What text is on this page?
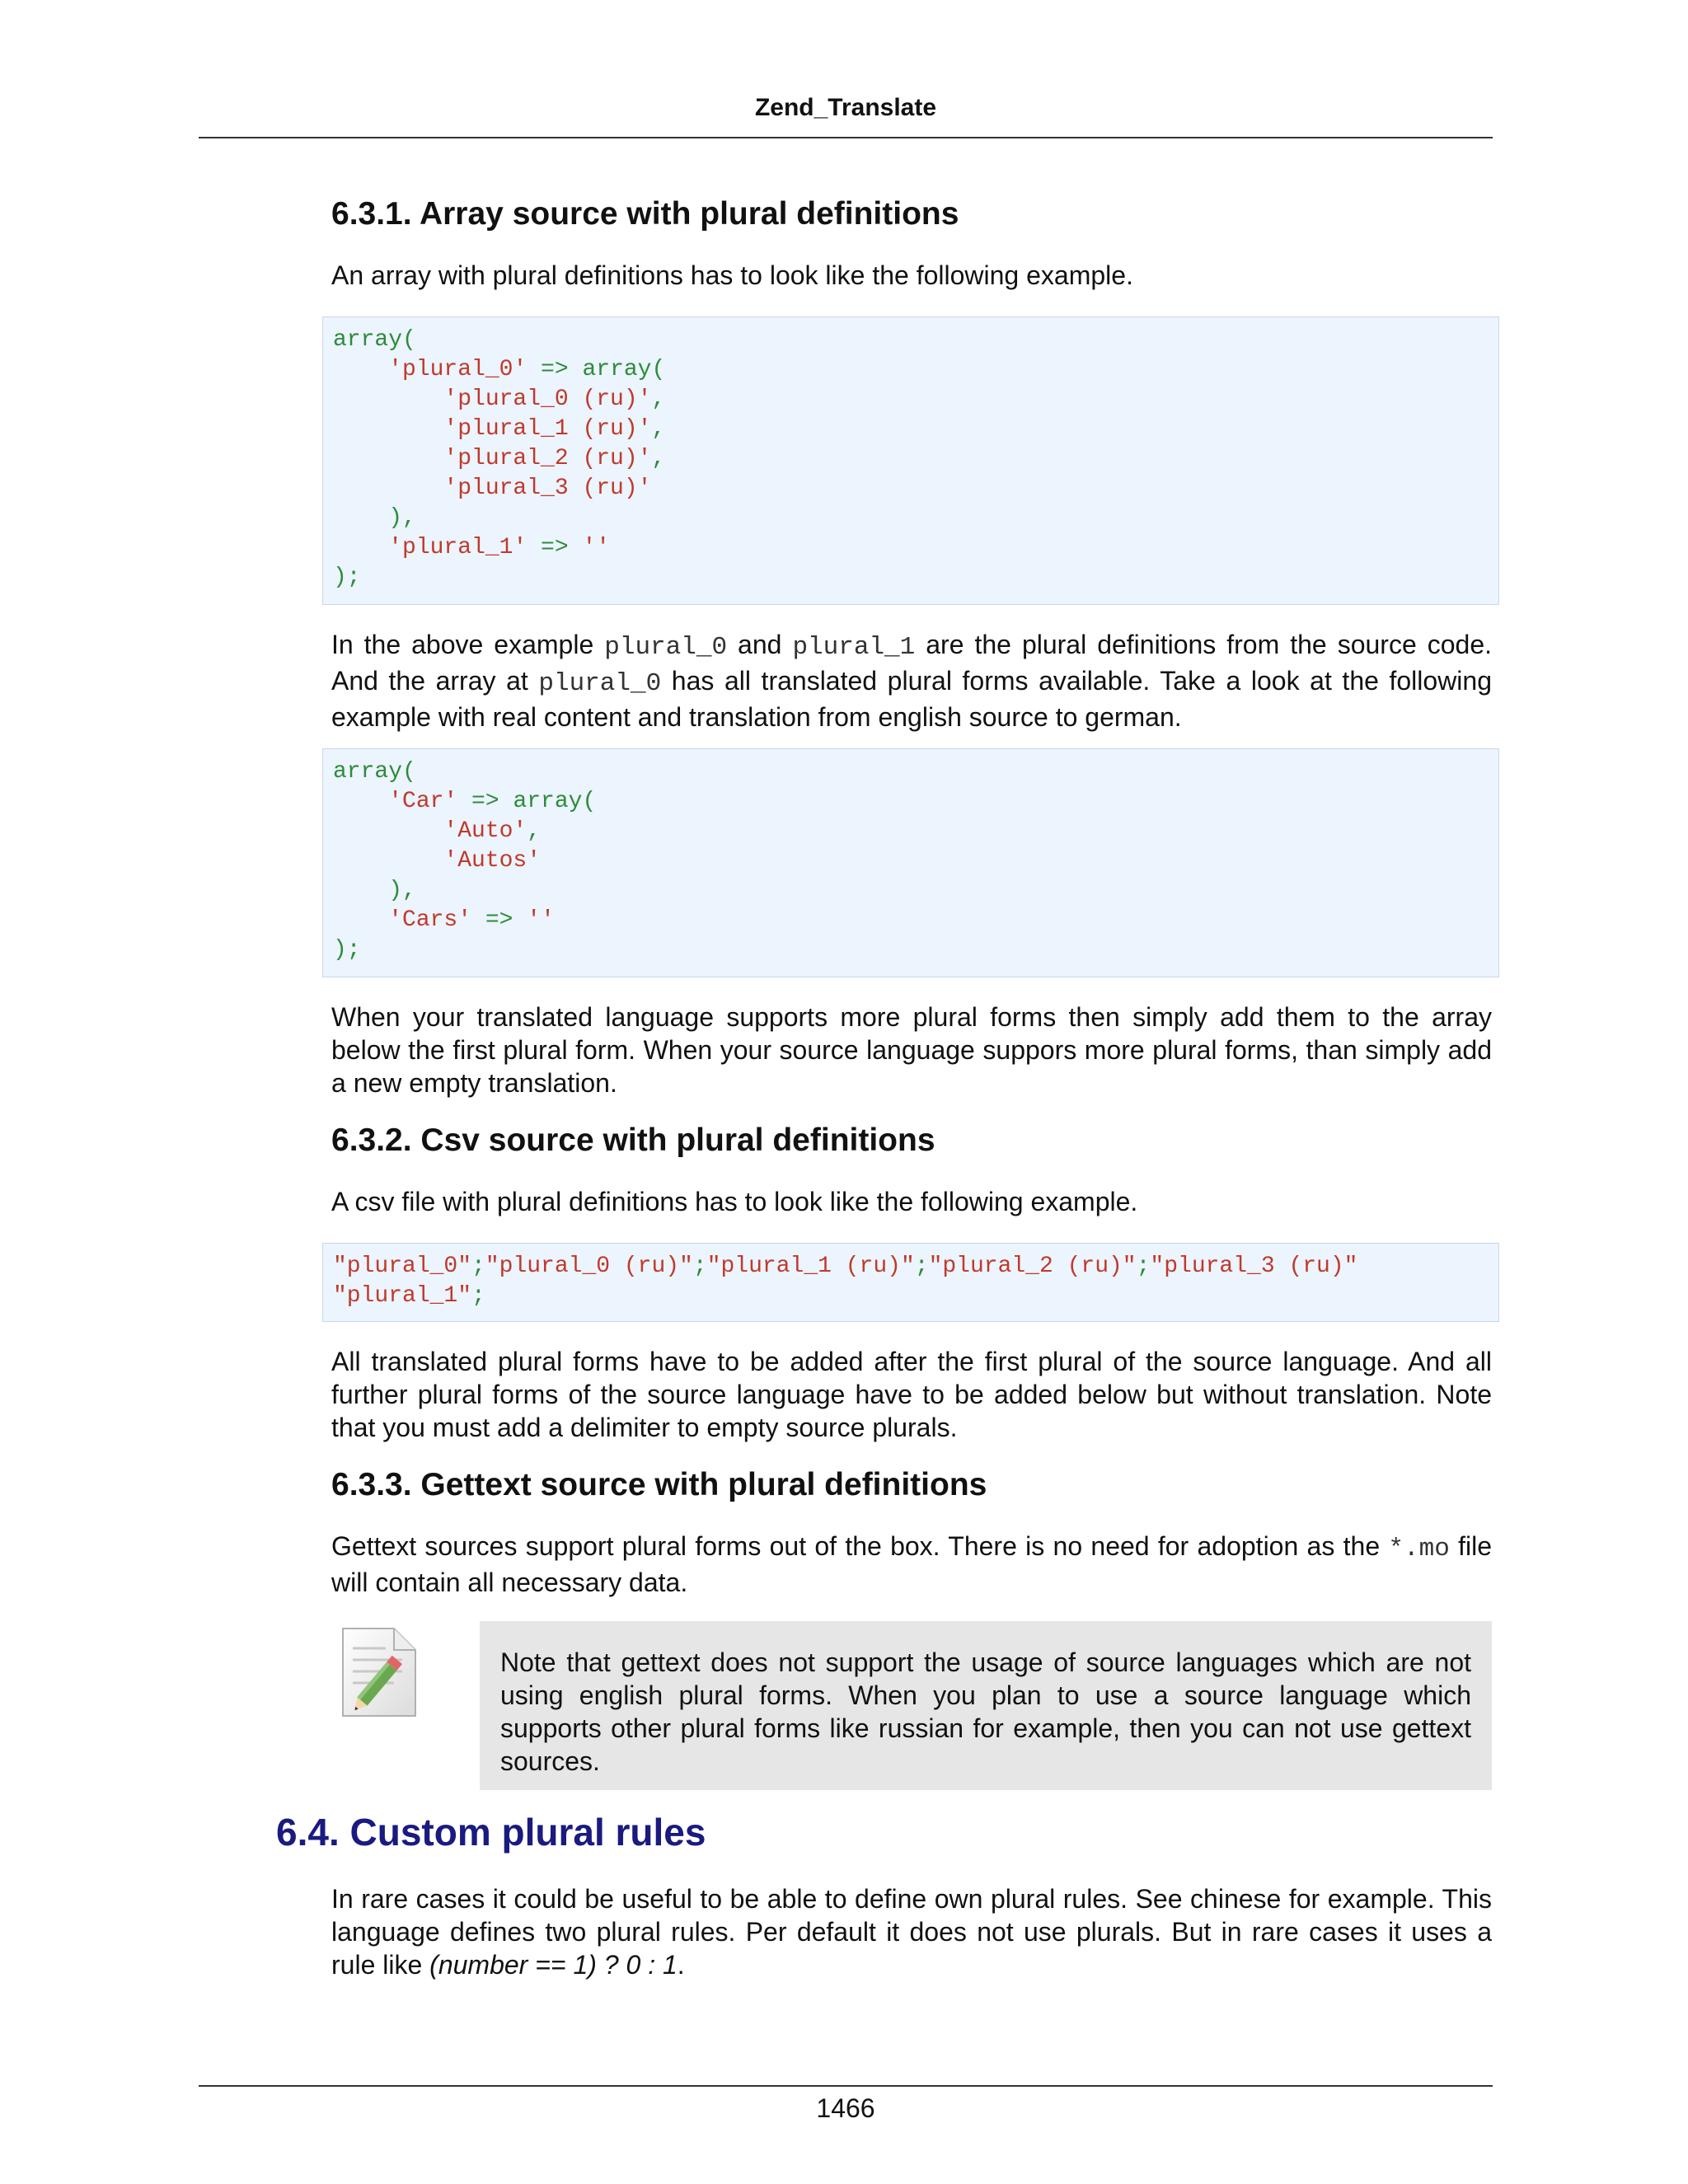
Zend_Translate
6.3.1. Array source with plural definitions

An array with plural definitions has to look like the following example.

array(
'plural_0' => array(
'plural_0 (ru)',
'plural_1 (ru)',
'plural_2 (ru)',
'plural_3 (ru)'
),
'plural_1' => ''
);

In the above example plural_0 and plural_1 are the plural definitions from the source code. And the array at plural_0 has all translated plural forms available. Take a look at the following example with real content and translation from english source to german.

array(
'Car' => array(
'Auto',
'Autos'
),
'Cars' => ''
);

When your translated language supports more plural forms then simply add them to the array below the first plural form. When your source language suppors more plural forms, than simply add a new empty translation.

6.3.2. Csv source with plural definitions

A csv file with plural definitions has to look like the following example.

"plural_0";"plural_0 (ru)";"plural_1 (ru)";"plural_2 (ru)";"plural_3 (ru)"
"plural_1";

All translated plural forms have to be added after the first plural of the source language. And all further plural forms of the source language have to be added below but without translation. Note that you must add a delimiter to empty source plurals.

6.3.3. Gettext source with plural definitions

Gettext sources support plural forms out of the box. There is no need for adoption as the *.mo file will contain all necessary data.

Note that gettext does not support the usage of source languages which are not using english plural forms. When you plan to use a source language which supports other plural forms like russian for example, then you can not use gettext sources.

6.4. Custom plural rules

In rare cases it could be useful to be able to define own plural rules. See chinese for example. This language defines two plural rules. Per default it does not use plurals. But in rare cases it uses a rule like (number == 1) ? 0 : 1.

1466
